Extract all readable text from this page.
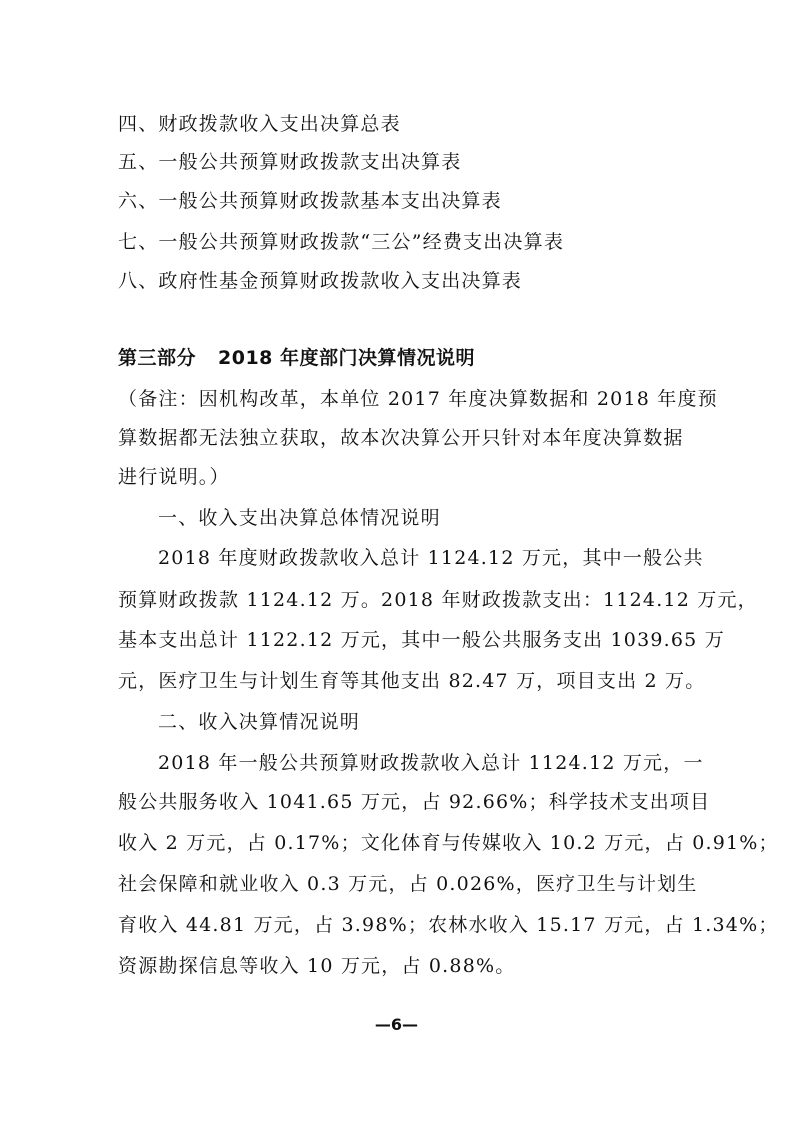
四、财政拨款收入支出决算总表
五、一般公共预算财政拨款支出决算表
六、一般公共预算财政拨款基本支出决算表
七、一般公共预算财政拨款“三公”经费支出决算表
八、政府性基金预算财政拨款收入支出决算表
第三部分 2018 年度部门决算情况说明
（备注：因机构改革，本单位 2017 年度决算数据和 2018 年度预
算数据都无法独立获取，故本次决算公开只针对本年度决算数据
进行说明。）
一、收入支出决算总体情况说明
2018 年度财政拨款收入总计 1124.12 万元，其中一般公共
预算财政拨款 1124.12 万。2018 年财政拨款支出：1124.12 万元，
基本支出总计 1122.12 万元，其中一般公共服务支出 1039.65 万
元，医疗卫生与计划生育等其他支出 82.47 万，项目支出 2 万。
二、收入决算情况说明
2018 年一般公共预算财政拨款收入总计 1124.12 万元，一
般公共服务收入 1041.65 万元，占 92.66%；科学技术支出项目
收入 2 万元，占 0.17%；文化体育与传媒收入 10.2 万元，占 0.91%；
社会保障和就业收入 0.3 万元，占 0.026%，医疗卫生与计划生
育收入 44.81 万元，占 3.98%；农林水收入 15.17 万元，占 1.34%；
资源勘探信息等收入 10 万元，占 0.88%。
—6—
